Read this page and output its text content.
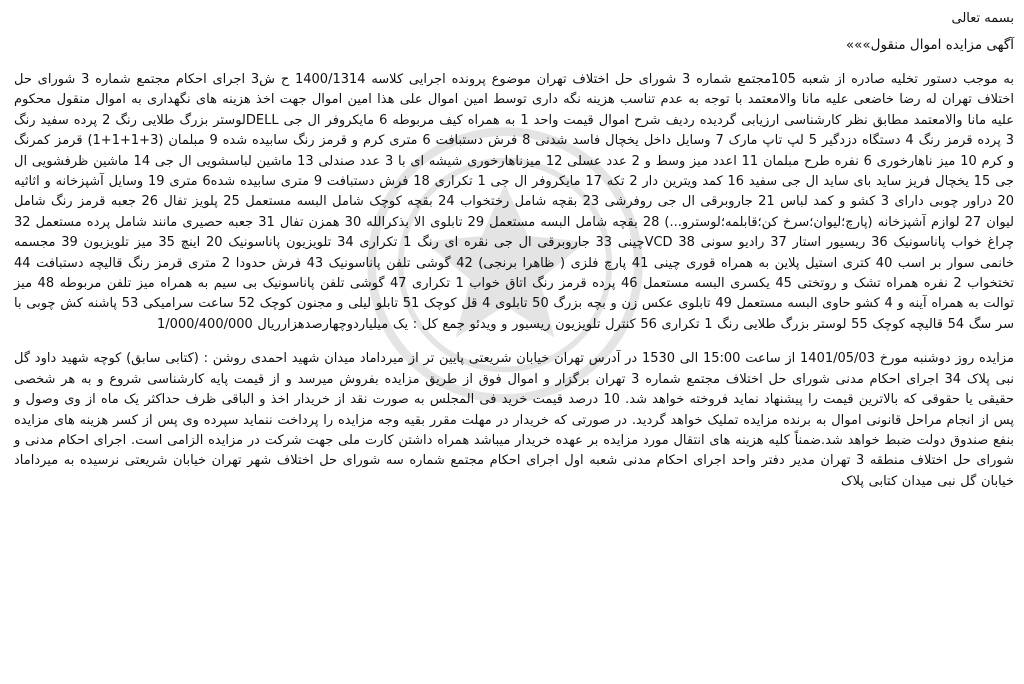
بسمه تعالی

آگهی مزایده اموال منقول»»»

به موجب دستور تخلیه صادره از شعبه 105مجتمع شماره 3 شورای حل اختلاف تهران موضوع پرونده اجرایی کلاسه 1400/1314 ح ش3 اجرای احکام مجتمع شماره 3 شورای حل اختلاف تهران له رضا خاضعی علیه مانا والامعتمد با توجه به عدم تناسب هزینه نگه داری توسط امین اموال علی هذا امین اموال جهت اخذ هزینه های نگهداری به اموال منقول محکوم علیه مانا والامعتمد مطابق نظر کارشناسی ارزیابی گردیده ردیف شرح اموال قیمت واحد 1 به همراه کیف مربوطه 6 مایکروفر ال جی DELLلوستر بزرگ طلایی رنگ 2 پرده سفید رنگ 3 پرده قرمز رنگ 4 دستگاه دزدگیر 5 لپ تاپ مارک 7 وسایل داخل یخچال فاسد شدنی 8 فرش دستبافت 6 متری کرم و قرمز رنگ سابیده شده 9 مبلمان (3+1+1+1) قرمز کمرنگ و کرم 10 میز ناهارخوری 6 نفره طرح مبلمان 11 اعدد میز وسط و 2 عدد عسلی 12 میزناهارخوری شیشه ای با 3 عدد صندلی 13 ماشین لباسشویی ال جی 14 ماشین ظرفشویی ال جی 15 یخچال فریز ساید بای ساید ال جی سفید 16 کمد ویترین دار 2 تکه 17 مایکروفر ال جی 1 تکراری 18 فرش دستبافت 9 متری سابیده شده6 متری 19 وسایل آشپزخانه و اثاثیه 20 دراور چوبی دارای 3 کشو و کمد لباس 21 جاروبرقی ال جی روفرشی 23 بقچه شامل رختخواب 24 بقچه کوچک شامل البسه مستعمل 25 پلویز تفال 26 جعبه قرمز رنگ شامل لیوان 27 لوازم آشپزخانه (پارچ؛لیوان؛سرخ کن؛قابلمه؛لوسترو...) 28 بقچه شامل البسه مستعمل 29 تابلوی الا بذکرالله 30 همزن تفال 31 جعبه حصیری مانند شامل پرده مستعمل 32 چراغ خواب پاناسونیک 36 ریسیور استار 37 رادیو سونی 38 VCDچینی 33 جاروبرقی ال جی نقره ای رنگ 1 تکراری 34 تلویزیون پاناسونیک 20 اینچ 35 میز تلویزیون 39 مجسمه خانمی سوار بر اسب 40 کتری استیل پلاین به همراه قوری چینی 41 پارچ فلزی ( ظاهرا برنجی) 42 گوشی تلفن پاناسونیک 43 فرش حدودا 2 متری قرمز رنگ قالیچه دستبافت 44 تختخواب 2 نفره همراه تشک و روتختی 45 یکسری البسه مستعمل 46 پرده قرمز رنگ اتاق خواب 1 تکراری 47 گوشی تلفن پاناسونیک بی سیم به همراه میز تلفن مربوطه 48 میز توالت به همراه آینه و 4 کشو حاوی البسه مستعمل 49 تابلوی عکس زن و بچه بزرگ 50 تابلوی 4 قل کوچک 51 تابلو لیلی و مجنون کوچک 52 ساعت سرامیکی 53 پاشنه کش چوبی با سر سگ 54 قالیچه کوچک 55 لوستر بزرگ طلایی رنگ 1 تکراری 56 کنترل تلویزیون ریسیور و ویدئو جمع کل : یک میلیاردوچهارصدهزارریال 1/000/400/000

مزایده روز دوشنبه مورخ 1401/05/03 از ساعت 15:00 الی 1530 در آدرس تهران خیابان شریعتی پایین تر از میرداماد میدان شهید احمدی روشن : (کتابی سابق) کوچه شهید داود گل نبی پلاک 34 اجرای احکام مدنی شورای حل اختلاف مجتمع شماره 3 تهران برگزار و اموال فوق از طریق مزایده بفروش میرسد و از قیمت پایه کارشناسی شروع و به هر شخصی حقیقی یا حقوقی که بالاترین قیمت را پیشنهاد نماید فروخته خواهد شد. 10 درصد قیمت خرید فی المجلس به صورت نقد از خریدار اخذ و الباقی ظرف حداکثر یک ماه از وی وصول و پس از انجام مراحل قانونی اموال به برنده مزایده تملیک خواهد گردید. در صورتی که خریدار در مهلت مقرر بقیه وجه مزایده را پرداخت ننماید سپرده وی پس از کسر هزینه های مزایده بنفع صندوق دولت ضبط خواهد شد.ضمناً کلیه هزینه های انتقال مورد مزایده بر عهده خریدار میباشد همراه داشتن کارت ملی جهت شرکت در مزایده الزامی است. اجرای احکام مدنی و شورای حل اختلاف منطقه 3 تهران مدیر دفتر واحد اجرای احکام مدنی شعبه اول اجرای احکام مجتمع شماره سه شورای حل اختلاف شهر تهران خیابان شریعتی نرسیده به میرداماد خیابان گل نبی میدان کتابی پلاک
